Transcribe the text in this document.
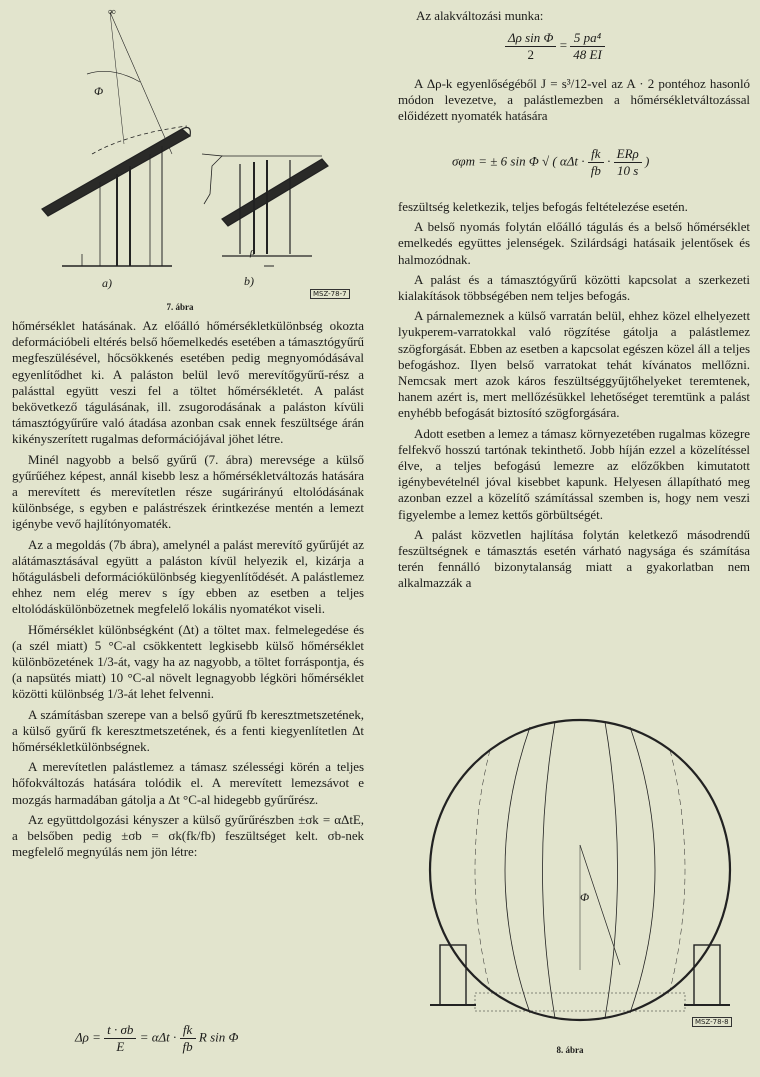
∞
Φ
ρ
a)	b)
MSZ-78-7
7. ábra

hőmérséklet hatásának. Az előálló hőmérsékletkülönbség okozta deformációbeli eltérés belső hőemelkedés esetében a támasztógyűrű megfeszülésével, hőcsökkenés esetében pedig megnyomódásával egyenlítődhet ki. A paláston belül levő merevítőgyűrű-rész a palásttal együtt veszi fel a töltet hőmérsékletét. A palást bekövetkező tágulásának, ill. zsugorodásának a paláston kívüli támasztógyűrűre való átadása azonban csak ennek feszültsége árán kikényszerített rugalmas deformációjával jöhet létre.

Minél nagyobb a belső gyűrű (7. ábra) merevsége a külső gyűrűéhez képest, annál kisebb lesz a hőmérsékletváltozás hatására a merevített és merevítetlen része sugárirányú eltolódásának különbsége, s egyben e palástrészek érintkezése mentén a lemezt igénybe vevő hajlítónyomaték.

Az a megoldás (7b ábra), amelynél a palást merevítő gyűrűjét az alátámasztásával együtt a paláston kívül helyezik el, kizárja a hőtágulásbeli deformációkülönbség kiegyenlítődését. A palástlemez ehhez nem elég merev s így ebben az esetben a teljes eltolódáskülönbözetnek megfelelő lokális nyomatékot viseli.

Hőmérséklet különbségként (Δt) a töltet max. felmelegedése és (a szél miatt) 5 °C-al csökkentett legkisebb külső hőmérséklet különbözetének 1/3-át, vagy ha az nagyobb, a töltet forráspontja, és (a napsütés miatt) 10 °C-al növelt legnagyobb légköri hőmérséklet közötti különbség 1/3-át lehet felvenni.

A számításban szerepe van a belső gyűrű fb keresztmetszetének, a külső gyűrű fk keresztmetszetének, és a fenti kiegyenlítetlen Δt hőmérsékletkülönbségnek.

A merevítetlen palástlemez a támasz szélességi körén a teljes hőfokváltozás hatására tolódik el. A merevített lemezsávot e mozgás harmadában gátolja a Δt °C-al hidegebb gyűrűrész.

Az együttdolgozási kényszer a külső gyűrűrészben ±σk = αΔtE, a belsőben pedig ±σb = σk(fk/fb) feszültséget kelt. σb-nek megfelelő megnyúlás nem jön létre:

$\Delta\rho = \frac{t \cdot \sigma b}{E} = \alpha\Delta t \cdot \frac{fk}{fb}$ R sin Φ

Az alakváltozási munka:

$\frac{\text{Δρ sin Φ}}{2} = \frac{\text{5 pa⁴}}{48 EI}$

A Δρ-k egyenlőségéből J = s³/12-vel az A · 2 pontéhoz hasonló módon levezetve, a palástlemezben a hőmérsékletváltozással előidézett nyomaték hatására

σφm = ± 6 sin Φ √ ( $\alpha\Delta t \cdot \frac{fk}{fb} \cdot \frac{\text{ERρ}}{10 s}$ )

feszültség keletkezik, teljes befogás feltételezése esetén.

A belső nyomás folytán előálló tágulás és a belső hőmérséklet emelkedés együttes jelenségek. Szilárdsági hatásaik jelentősek és halmozódnak.

A palást és a támasztógyűrű közötti kapcsolat a szerkezeti kialakítások többségében nem teljes befogás.

A párnalemeznek a külső varratán belül, ehhez közel elhelyezett lyukperem-varratokkal való rögzítése gátolja a palástlemez szögforgását. Ebben az esetben a kapcsolat egészen közel áll a teljes befogáshoz. Ilyen belső varratokat tehát kívánatos mellőzni. Nemcsak mert azok káros feszültséggyűjtőhelyeket teremtenek, hanem azért is, mert mellőzésükkel lehetőséget teremtünk a palást enyhébb befogását biztosító szögforgására.

Adott esetben a lemez a támasz környezetében rugalmas közegre felfekvő hosszú tartónak tekinthető. Jobb híján ezzel a közelítéssel élve, a teljes befogású lemezre az előzőkben kimutatott igénybevételnél jóval kisebbet kapunk. Helyesen állapítható meg azonban ezzel a közelítő számítással szemben is, hogy nem veszi figyelembe a lemez kettős görbültségét.

A palást közvetlen hajlítása folytán keletkező másodrendű feszültségnek e támasztás esetén várható nagysága és számítása terén fennálló bizonytalanság miatt a gyakorlatban nem alkalmazzák a

Φ
MSZ-78-8
8. ábra
